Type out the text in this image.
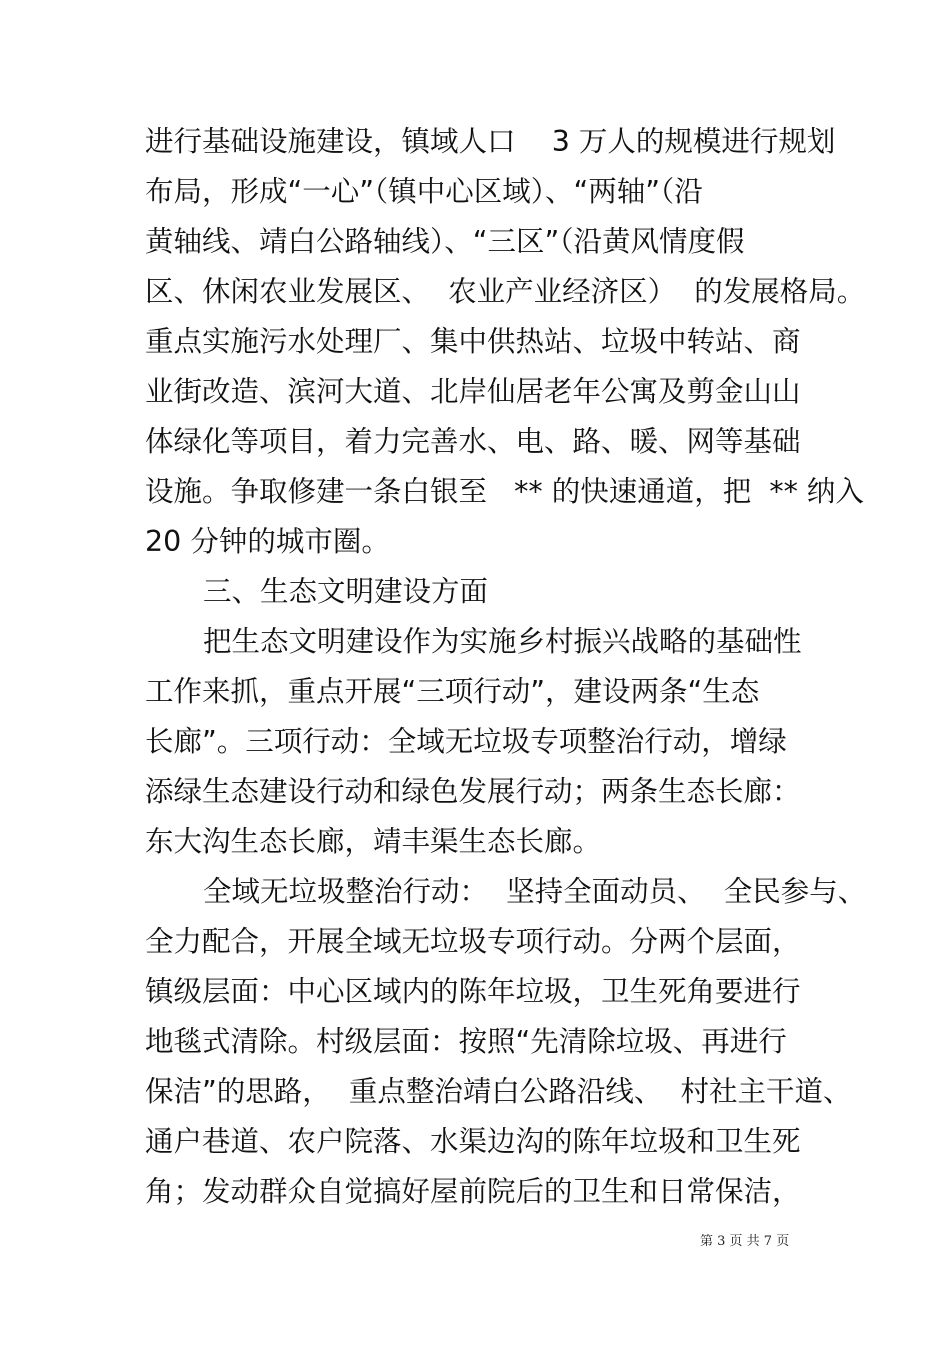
进行基础设施建设，镇域人口    3 万人的规模进行规划
布局，形成“一心”（镇中心区域）、“两轴”（沿
黄轴线、靖白公路轴线）、“三区”（沿黄风情度假
区、休闲农业发展区、  农业产业经济区）  的发展格局。
重点实施污水处理厂、集中供热站、垃圾中转站、商
业街改造、滨河大道、北岸仙居老年公寓及剪金山山
体绿化等项目，着力完善水、电、路、暖、网等基础
设施。争取修建一条白银至   ** 的快速通道，把  ** 纳入
20 分钟的城市圈。
三、生态文明建设方面
把生态文明建设作为实施乡村振兴战略的基础性
工作来抓，重点开展“三项行动”，建设两条“生态
长廊”。三项行动：全域无垃圾专项整治行动，增绿
添绿生态建设行动和绿色发展行动；两条生态长廊：
东大沟生态长廊，靖丰渠生态长廊。
全域无垃圾整治行动：  坚持全面动员、  全民参与、
全力配合，开展全域无垃圾专项行动。分两个层面，
镇级层面：中心区域内的陈年垃圾，卫生死角要进行
地毯式清除。村级层面：按照“先清除垃圾、再进行
保洁”的思路，  重点整治靖白公路沿线、  村社主干道、
通户巷道、农户院落、水渠边沟的陈年垃圾和卫生死
角；发动群众自觉搞好屋前院后的卫生和日常保洁，
第 3 页 共 7 页
